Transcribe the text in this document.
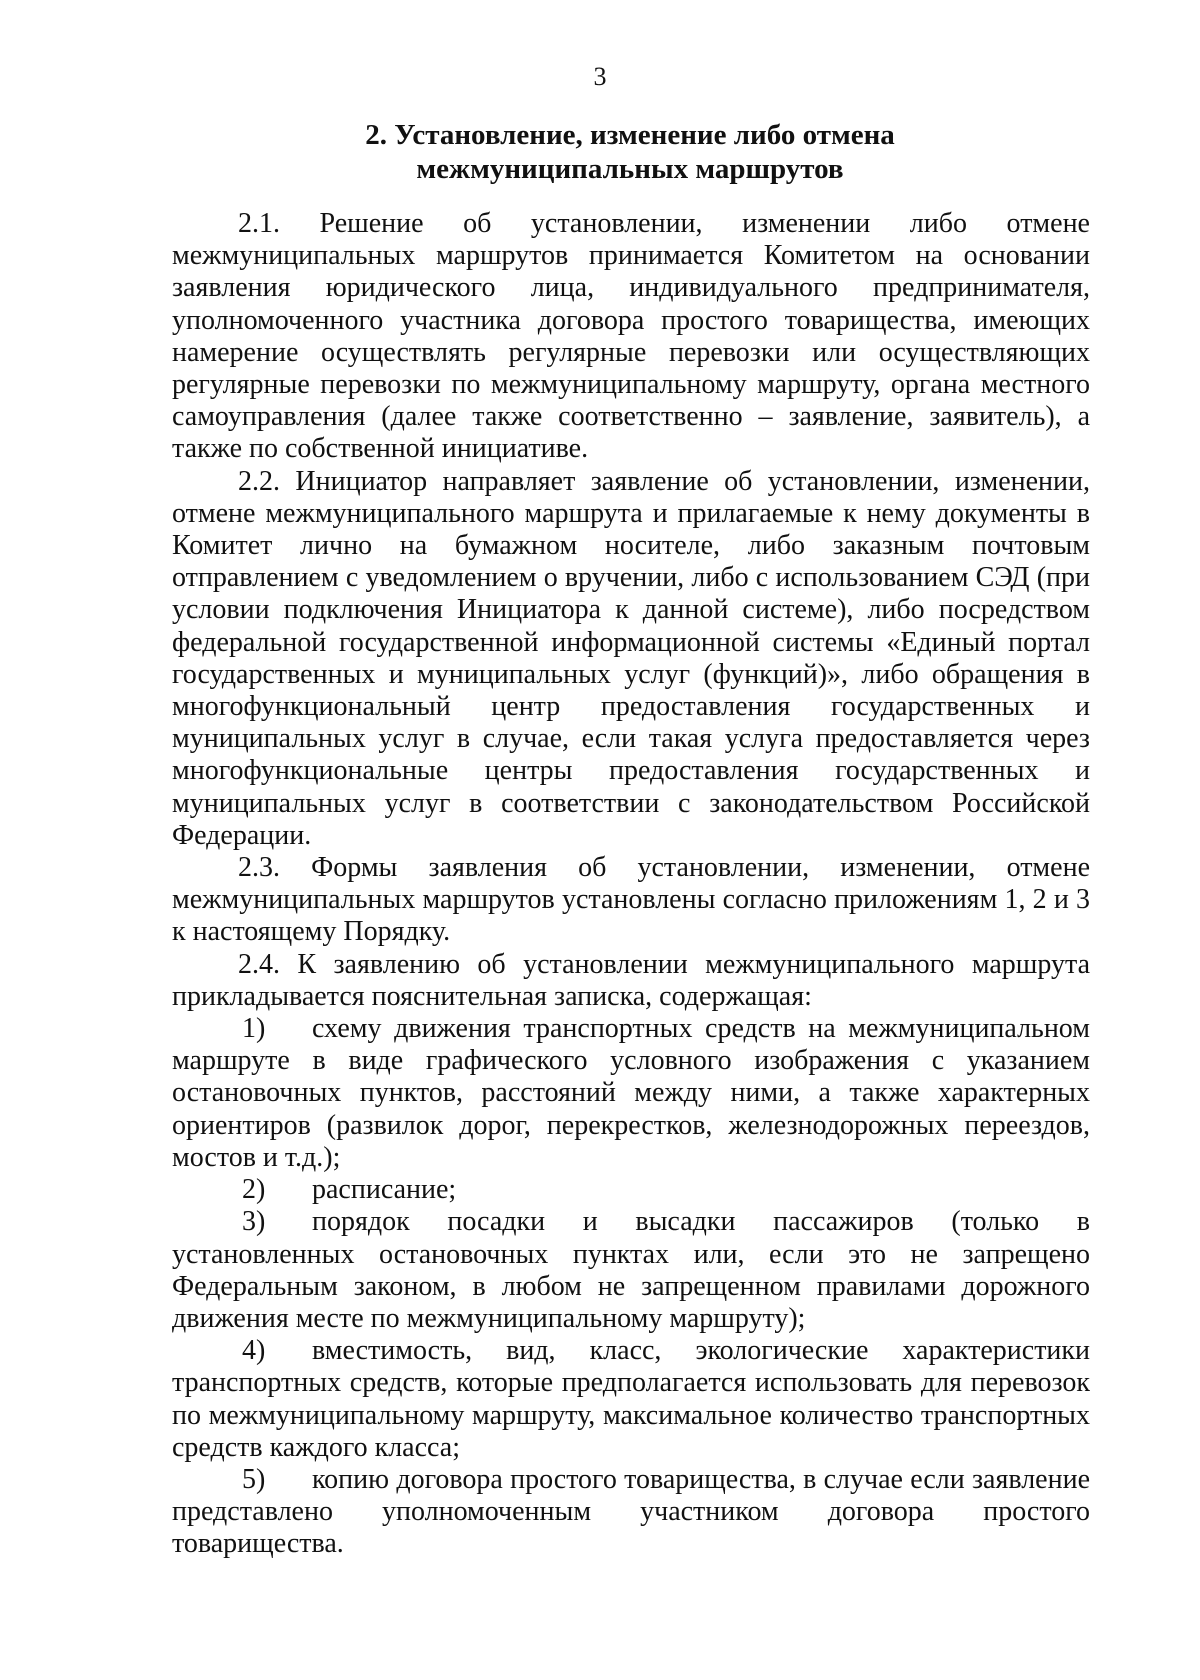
3
2. Установление, изменение либо отмена
межмуниципальных маршрутов
2.1. Решение об установлении, изменении либо отмене межмуниципальных маршрутов принимается Комитетом на основании заявления юридического лица, индивидуального предпринимателя, уполномоченного участника договора простого товарищества, имеющих намерение осуществлять регулярные перевозки или осуществляющих регулярные перевозки по межмуниципальному маршруту, органа местного самоуправления (далее также соответственно – заявление, заявитель), а также по собственной инициативе.
2.2. Инициатор направляет заявление об установлении, изменении, отмене межмуниципального маршрута и прилагаемые к нему документы в Комитет лично на бумажном носителе, либо заказным почтовым отправлением с уведомлением о вручении, либо с использованием СЭД (при условии подключения Инициатора к данной системе), либо посредством федеральной государственной информационной системы «Единый портал государственных и муниципальных услуг (функций)», либо обращения в многофункциональный центр предоставления государственных и муниципальных услуг в случае, если такая услуга предоставляется через многофункциональные центры предоставления государственных и муниципальных услуг в соответствии с законодательством Российской Федерации.
2.3. Формы заявления об установлении, изменении, отмене межмуниципальных маршрутов установлены согласно приложениям 1, 2 и 3 к настоящему Порядку.
2.4. К заявлению об установлении межмуниципального маршрута прикладывается пояснительная записка, содержащая:
1) схему движения транспортных средств на межмуниципальном маршруте в виде графического условного изображения с указанием остановочных пунктов, расстояний между ними, а также характерных ориентиров (развилок дорог, перекрестков, железнодорожных переездов, мостов и т.д.);
2) расписание;
3) порядок посадки и высадки пассажиров (только в установленных остановочных пунктах или, если это не запрещено Федеральным законом, в любом не запрещенном правилами дорожного движения месте по межмуниципальному маршруту);
4) вместимость, вид, класс, экологические характеристики транспортных средств, которые предполагается использовать для перевозок по межмуниципальному маршруту, максимальное количество транспортных средств каждого класса;
5) копию договора простого товарищества, в случае если заявление представлено уполномоченным участником договора простого товарищества.
